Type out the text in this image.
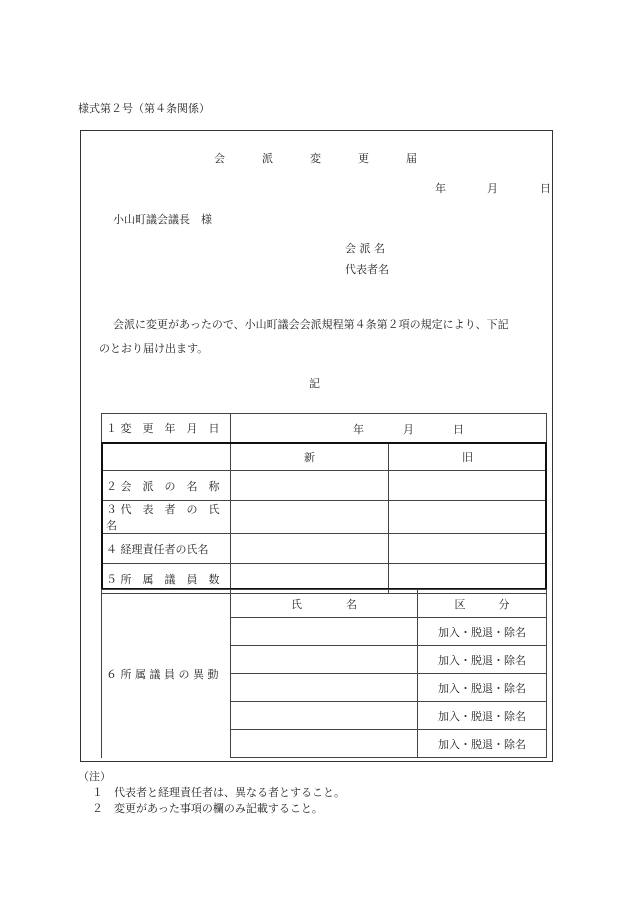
様式第２号（第４条関係）
会	派	変	更	届
年	月	日
小山町議会議長　様
会 派 名
代表者名
会派に変更があったので、小山町議会会派規程第４条第２項の規定により、下記
のとおり届け出ます。
記
１ 変　更　年　月　日	年 月 日	

	新	旧
２ 会　派　の　名　称		
３ 代　表　者　の　氏　名		
４ 経理責任者の氏名		
５ 所　属　議　員　数		
６ 所 属 議 員 の 異 動	氏　　　　名	区　　　分
		加入・脱退・除名
		加入・脱退・除名
		加入・脱退・除名
		加入・脱退・除名
		加入・脱退・除名
（注）
１　代表者と経理責任者は、異なる者とすること。
２　変更があった事項の欄のみ記載すること。
